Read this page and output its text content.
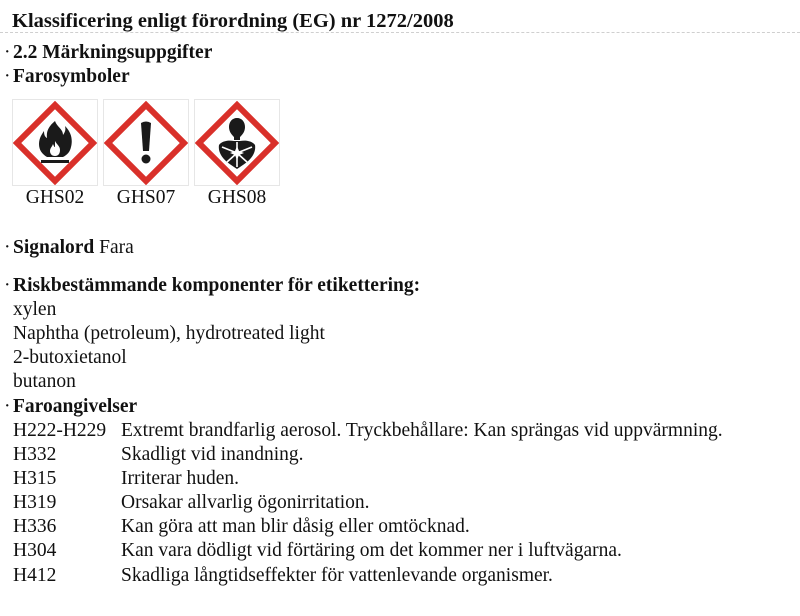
Klassificering enligt förordning (EG) nr 1272/2008
· 2.2 Märkningsuppgifter
· Farosymboler
GHS02 GHS07 GHS08
· Signalord Fara
· Riskbestämmande komponenter för etikettering:
xylen
Naphtha (petroleum), hydrotreated light
2-butoxietanol
butanon
· Faroangivelser
H222-H229 Extremt brandfarlig aerosol. Tryckbehållare: Kan sprängas vid uppvärmning.
H332	Skadligt vid inandning.
H315	Irriterar huden.
H319	Orsakar allvarlig ögonirritation.
H336	Kan göra att man blir dåsig eller omtöcknad.
H304	Kan vara dödligt vid förtäring om det kommer ner i luftvägarna.
H412	Skadliga långtidseffekter för vattenlevande organismer.
